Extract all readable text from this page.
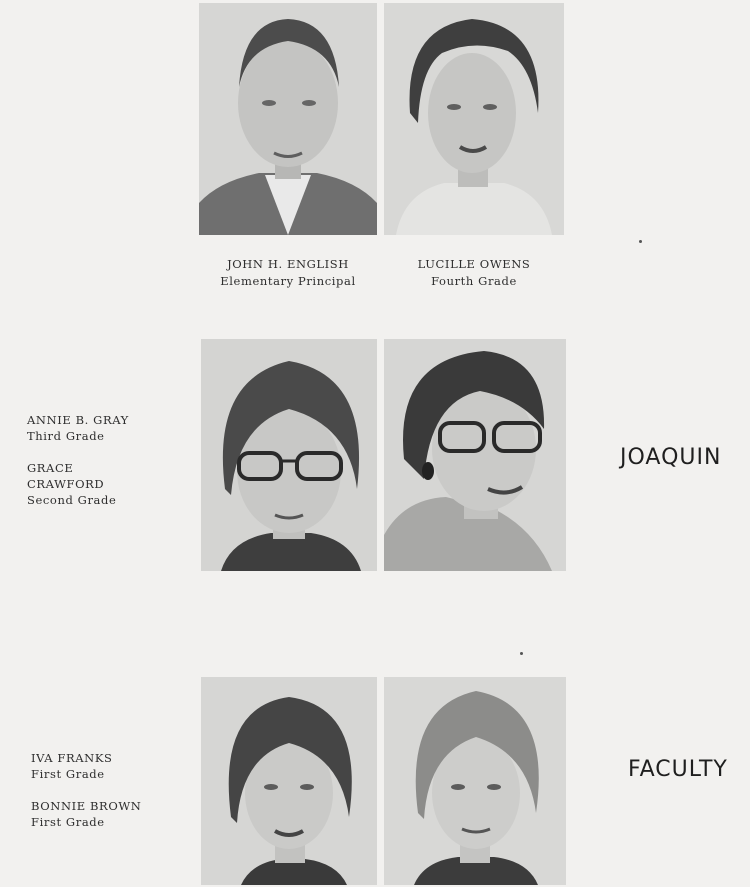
JOHN H. ENGLISH
Elementary Principal
LUCILLE OWENS
Fourth Grade
ANNIE B. GRAY
Third Grade
GRACE
CRAWFORD
Second Grade
JOAQUIN
IVA FRANKS
First Grade
BONNIE BROWN
First Grade
FACULTY
